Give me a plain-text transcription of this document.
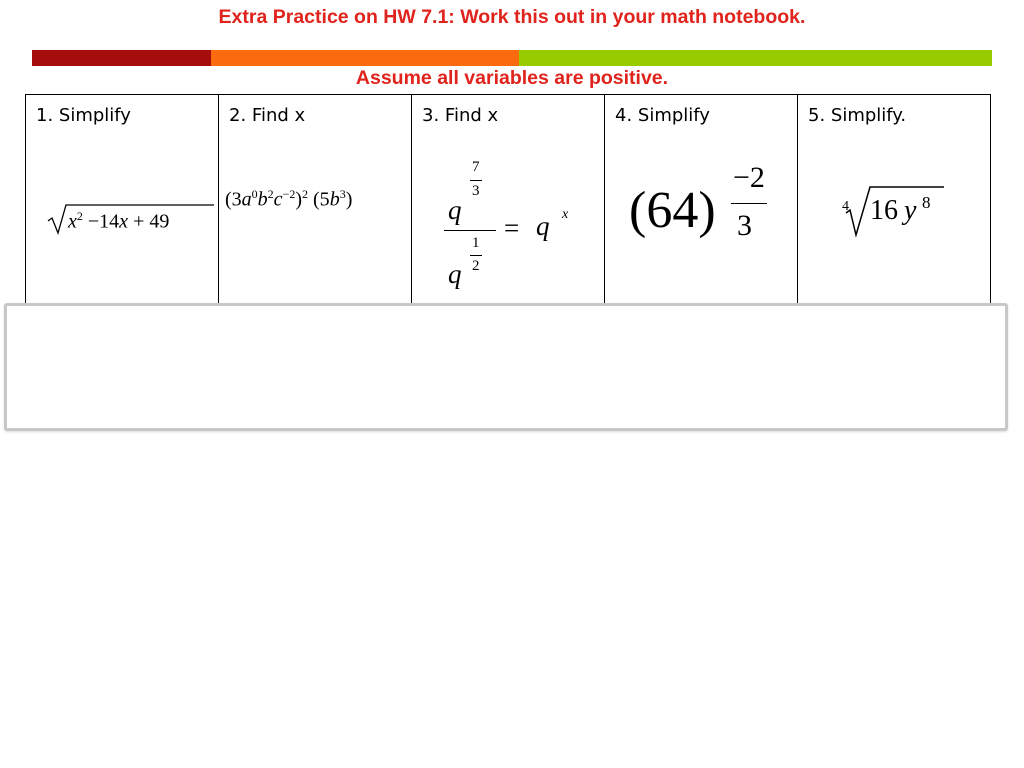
Extra Practice on HW 7.1: Work this out in your math notebook.
Assume all variables are positive.
1. Simplify
$x^2 -14x + 49$
2. Find x
$(3a^0b^2c^{-2})^2$ $(5b^3)$
3. Find x
q
7
3
q
1
2
= q x
4. Simplify
(64)
−2
3
5. Simplify.
4 16 y 8
